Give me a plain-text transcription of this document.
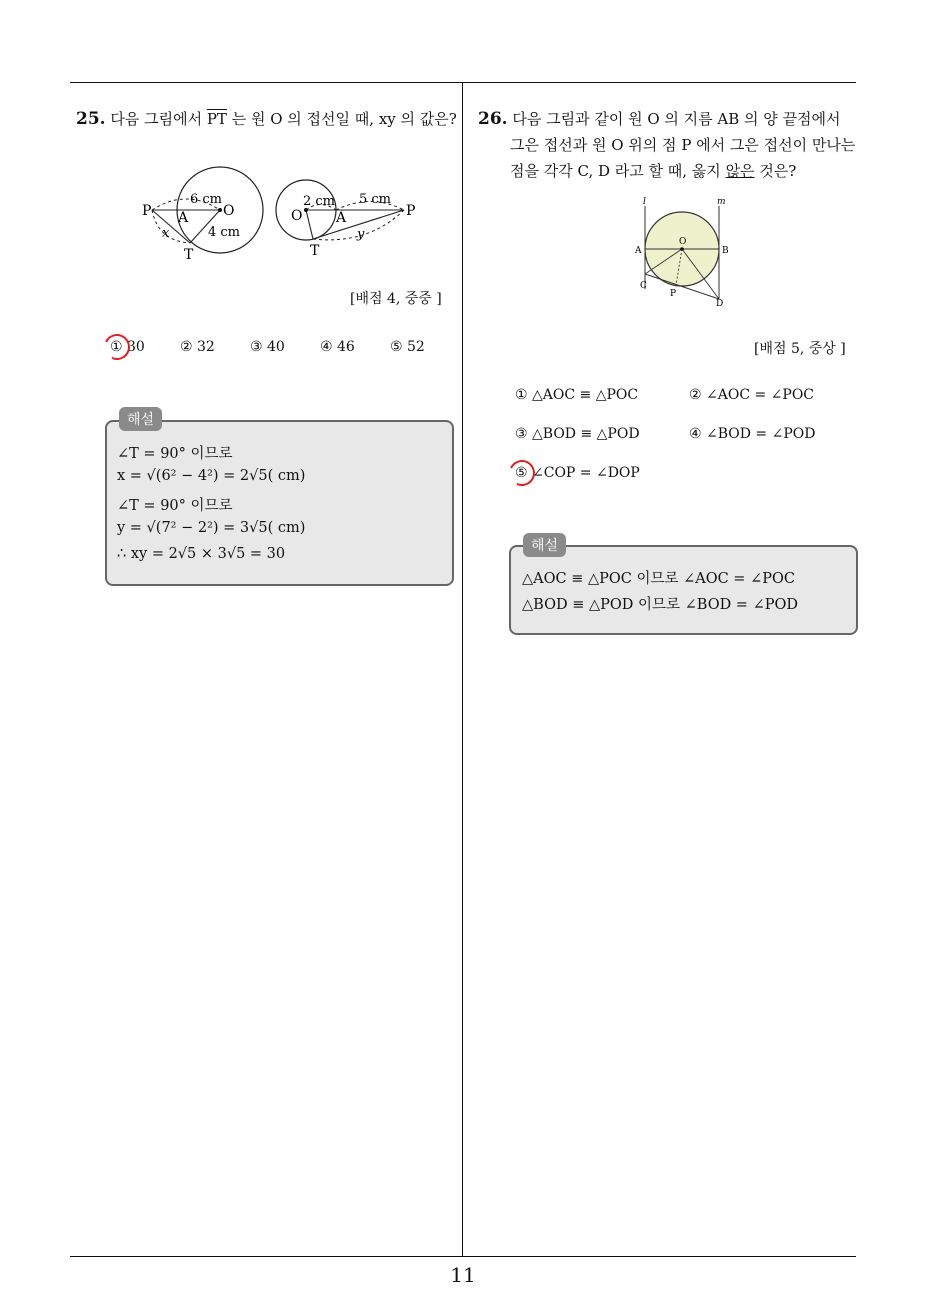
11
25. 다음 그림에서 $\overline{PT}$ 는 원 O 의 접선일 때, xy 의 값은?
P A O
T
6 cm
4 cm
x
O A	P
T
2 cm 5 cm
y
[배점 4, 중중 ]
① 30	② 32	③ 40	④ 46	⑤ 52
해설
∠T = 90° 이므로
x = √(6² − 4²) = 2√5( cm)
∠T = 90° 이므로
y = √(7² − 2²) = 3√5( cm)
∴ xy = 2√5 × 3√5 = 30
26. 다음 그림과 같이 원 O 의 지름 AB 의 양 끝점에서
그은 접선과 원 O 위의 점 P 에서 그은 접선이 만나는
점을 각각 C, D 라고 할 때, 옳지 않은 것은?
l	m
A
O
B
C
P
D
[배점 5, 중상 ]
① △AOC ≡ △POC	② ∠AOC = ∠POC
③ △BOD ≡ △POD	④ ∠BOD = ∠POD
⑤ ∠COP = ∠DOP
해설
△AOC ≡ △POC 이므로 ∠AOC = ∠POC
△BOD ≡ △POD 이므로 ∠BOD = ∠POD
